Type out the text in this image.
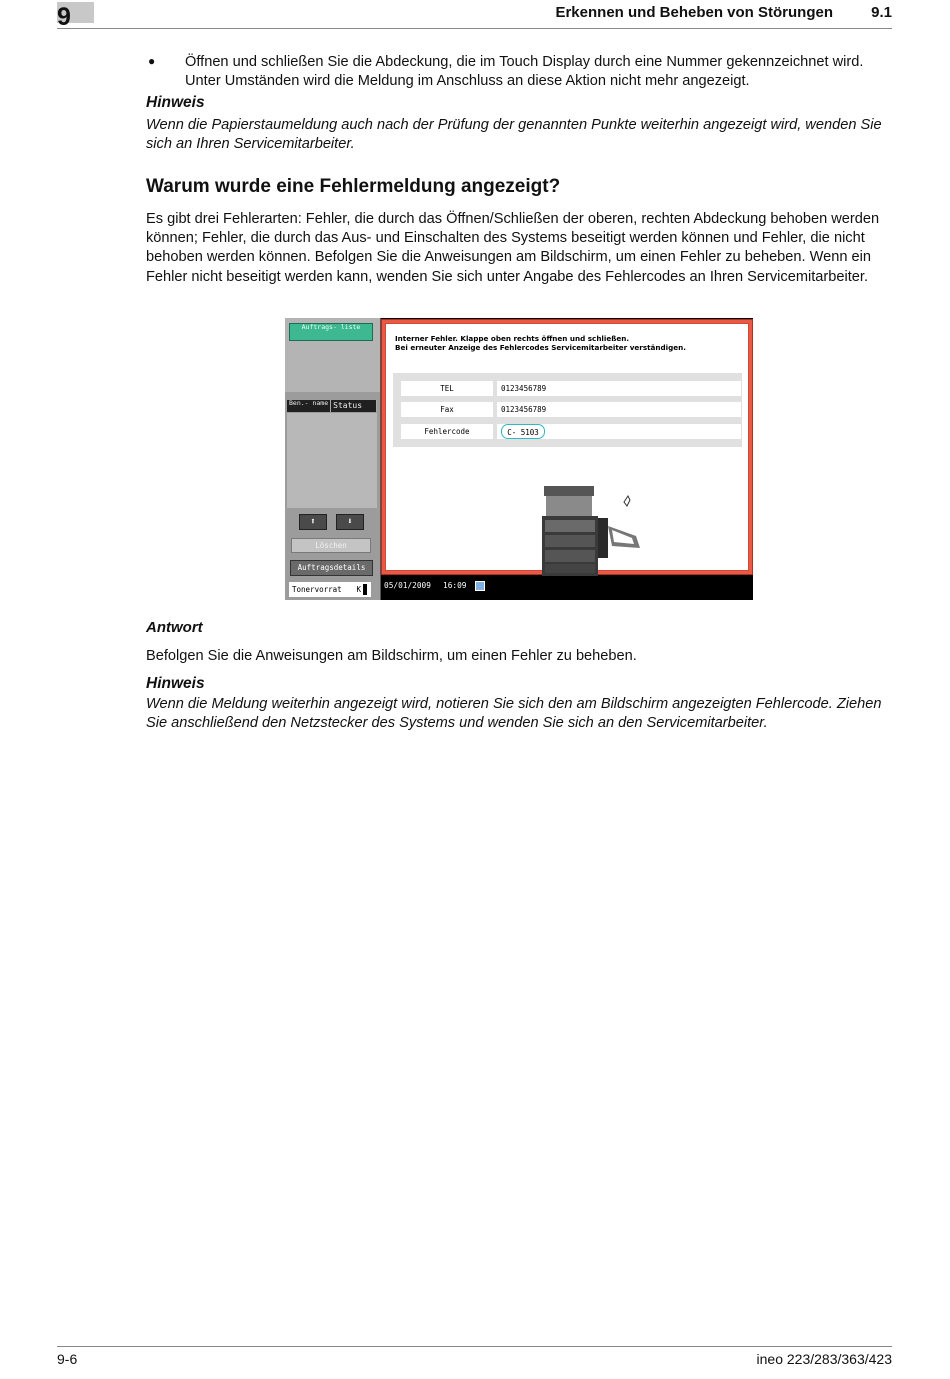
9	Erkennen und Beheben von Störungen	9.1
● Öffnen und schließen Sie die Abdeckung, die im Touch Display durch eine Nummer gekennzeichnet wird. Unter Umständen wird die Meldung im Anschluss an diese Aktion nicht mehr angezeigt.
Hinweis
Wenn die Papierstaumeldung auch nach der Prüfung der genannten Punkte weiterhin angezeigt wird, wenden Sie sich an Ihren Servicemitarbeiter.
Warum wurde eine Fehlermeldung angezeigt?
Es gibt drei Fehlerarten: Fehler, die durch das Öffnen/Schließen der oberen, rechten Abdeckung behoben werden können; Fehler, die durch das Aus- und Einschalten des Systems beseitigt werden können und Fehler, die nicht behoben werden können. Befolgen Sie die Anweisungen am Bildschirm, um einen Fehler zu beheben. Wenn ein Fehler nicht beseitigt werden kann, wenden Sie sich unter Angabe des Fehlercodes an Ihren Servicemitarbeiter.
Auftrags- liste
Ben.- name Status
⬆	⬇
Löschen
Auftragsdetails
Tonervorrat K
Interner Fehler. Klappe oben rechts öffnen und schließen.
Bei erneuter Anzeige des Fehlercodes Servicemitarbeiter verständigen.
TEL	0123456789
Fax	0123456789
Fehlercode	C- 5103
05/01/2009 16:09
Antwort
Befolgen Sie die Anweisungen am Bildschirm, um einen Fehler zu beheben.
Hinweis
Wenn die Meldung weiterhin angezeigt wird, notieren Sie sich den am Bildschirm angezeigten Fehlercode. Ziehen Sie anschließend den Netzstecker des Systems und wenden Sie sich an den Servicemitarbeiter.
9-6	ineo 223/283/363/423
